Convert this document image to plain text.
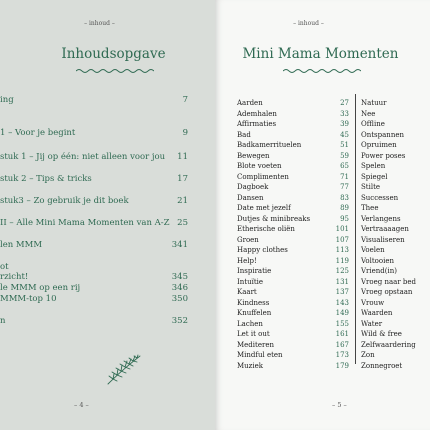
– inhoud –
Inhoudsopgave
ing	7
1 – Voor je begint	9
stuk 1 – Jij op één: niet alleen voor jou 11
stuk 2 – Tips & tricks	17
stuk3 – Zo gebruik je dit boek	21
II – Alle Mini Mama Momenten van A-Z 25
len MMM	341
ot
rzicht!	345
le MMM op een rij	346
MMM-top 10	350
n	352
– 4 –
– inhoud –
Mini Mama Momenten
Aarden	27
Ademhalen	33
Affirmaties	39
Bad	45
Badkamerrituelen	51
Bewegen	59
Blote voeten	65
Complimenten	71
Dagboek	77
Dansen	83
Date met jezelf	89
Dutjes & minibreaks	95
Etherische oliën	101
Groen	107
Happy clothes	113
Help!	119
Inspiratie	125
Intuïtie	131
Kaart	137
Kindness	143
Knuffelen	149
Lachen	155
Let it out	161
Mediteren	167
Mindful eten	173
Muziek	179
Natuur
Nee
Offline
Ontspannen
Opruimen
Power poses
Spelen
Spiegel
Stilte
Successen
Thee
Verlangens
Vertraaaagen
Visualiseren
Voelen
Voltooien
Vriend(in)
Vroeg naar bed
Vroeg opstaan
Vrouw
Waarden
Water
Wild & free
Zelfwaardering
Zon
Zonnegroet
– 5 –
